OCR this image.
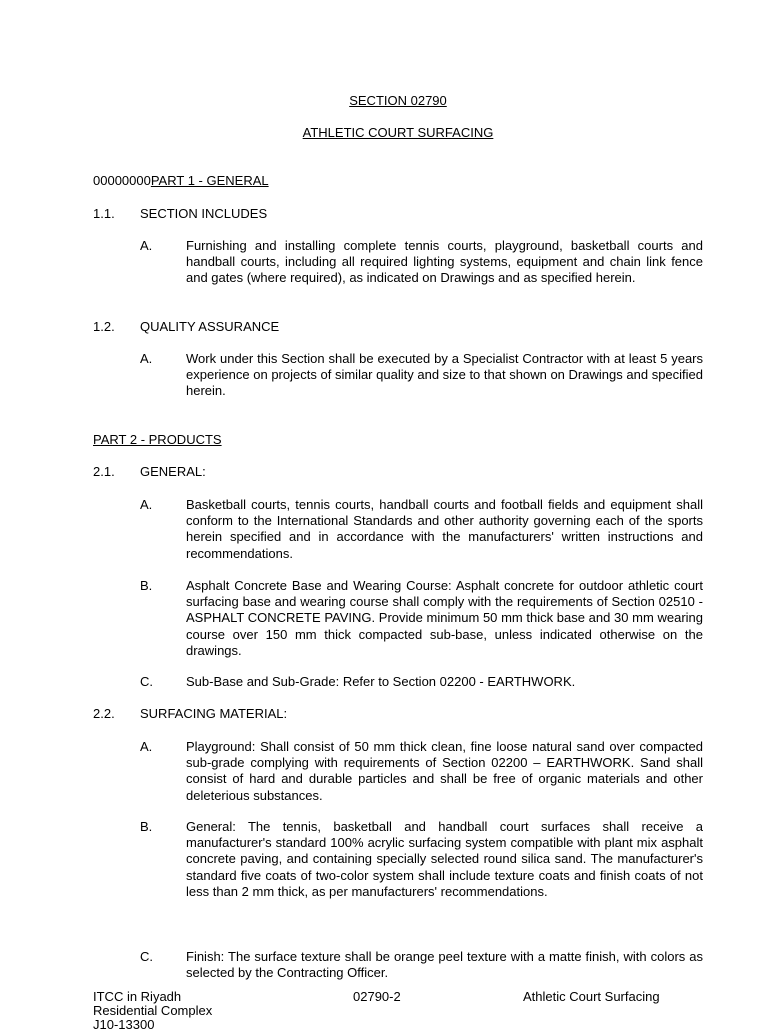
SECTION 02790
ATHLETIC COURT SURFACING
00000000PART 1 - GENERAL
1.1. SECTION INCLUDES
A.	Furnishing and installing complete tennis courts, playground, basketball courts and handball courts, including all required lighting systems, equipment and chain link fence and gates (where required), as indicated on Drawings and as specified herein.
1.2. QUALITY ASSURANCE
A.	Work under this Section shall be executed by a Specialist Contractor with at least 5 years experience on projects of similar quality and size to that shown on Drawings and specified herein.
PART 2 - PRODUCTS
2.1. GENERAL:
A.	Basketball courts, tennis courts, handball courts and football fields and equipment shall conform to the International Standards and other authority governing each of the sports herein specified and in accordance with the manufacturers' written instructions and recommendations.
B.	Asphalt Concrete Base and Wearing Course: Asphalt concrete for outdoor athletic court surfacing base and wearing course shall comply with the requirements of Section 02510 - ASPHALT CONCRETE PAVING. Provide minimum 50 mm thick base and 30 mm wearing course over 150 mm thick compacted sub-base, unless indicated otherwise on the drawings.
C.	Sub-Base and Sub-Grade: Refer to Section 02200 - EARTHWORK.
2.2. SURFACING MATERIAL:
A.	Playground: Shall consist of 50 mm thick clean, fine loose natural sand over compacted sub-grade complying with requirements of Section 02200 – EARTHWORK. Sand shall consist of hard and durable particles and shall be free of organic materials and other deleterious substances.
B.	General: The tennis, basketball and handball court surfaces shall receive a manufacturer's standard 100% acrylic surfacing system compatible with plant mix asphalt concrete paving, and containing specially selected round silica sand. The manufacturer's standard five coats of two-color system shall include texture coats and finish coats of not less than 2 mm thick, as per manufacturers' recommendations.
C.	Finish: The surface texture shall be orange peel texture with a matte finish, with colors as selected by the Contracting Officer.
ITCC in Riyadh
Residential Complex
J10-13300
02790-2	Athletic Court Surfacing
